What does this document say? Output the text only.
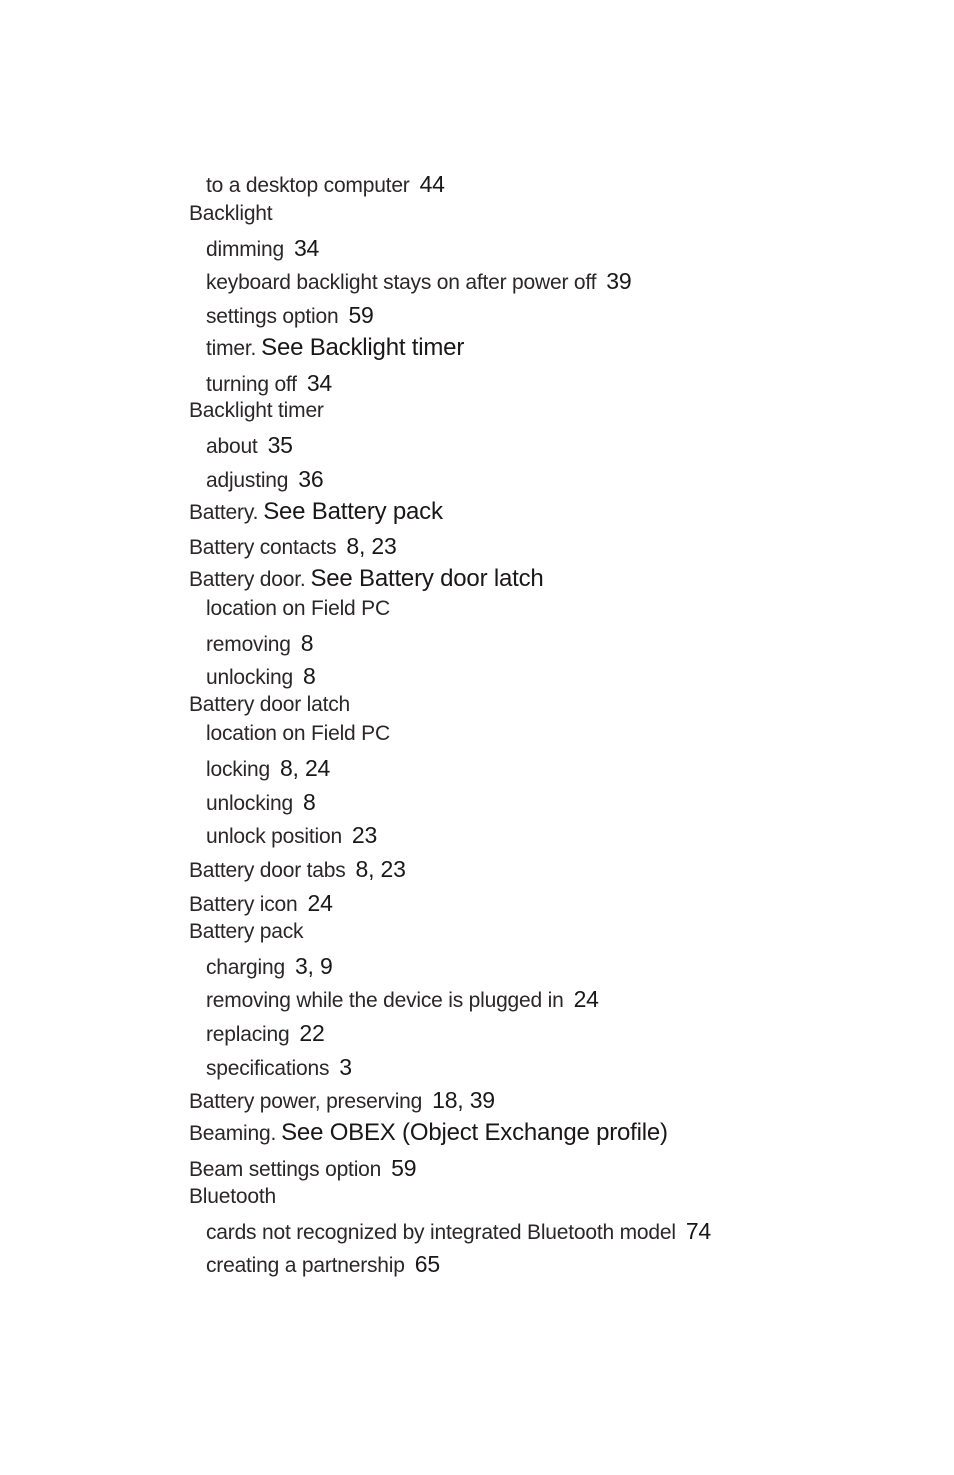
to a desktop computer 44
Backlight
dimming 34
keyboard backlight stays on after power off 39
settings option 59
timer. See Backlight timer
turning off 34
Backlight timer
about 35
adjusting 36
Battery. See Battery pack
Battery contacts 8, 23
Battery door. See Battery door latch
location on Field PC
removing 8
unlocking 8
Battery door latch
location on Field PC
locking 8, 24
unlocking 8
unlock position 23
Battery door tabs 8, 23
Battery icon 24
Battery pack
charging 3, 9
removing while the device is plugged in 24
replacing 22
specifications 3
Battery power, preserving 18, 39
Beaming. See OBEX (Object Exchange profile)
Beam settings option 59
Bluetooth
cards not recognized by integrated Bluetooth model 74
creating a partnership 65
